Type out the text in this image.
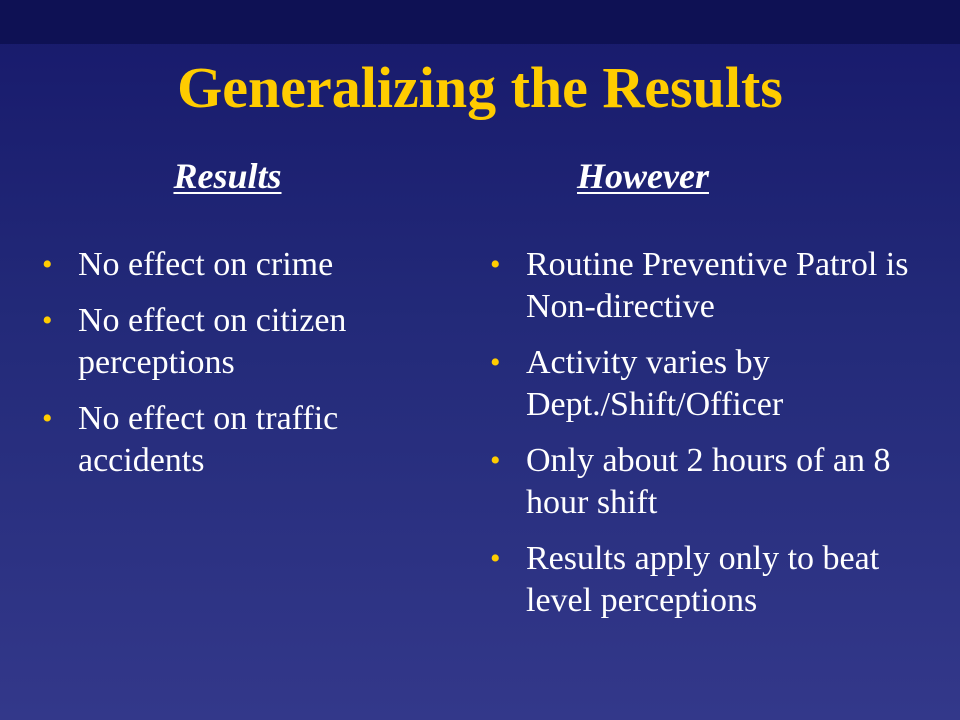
Generalizing the Results
Results
• No effect on crime
• No effect on citizen perceptions
• No effect on traffic accidents
However
• Routine Preventive Patrol is Non-directive
• Activity varies by Dept./Shift/Officer
• Only about 2 hours of an 8 hour shift
• Results apply only to beat level perceptions
